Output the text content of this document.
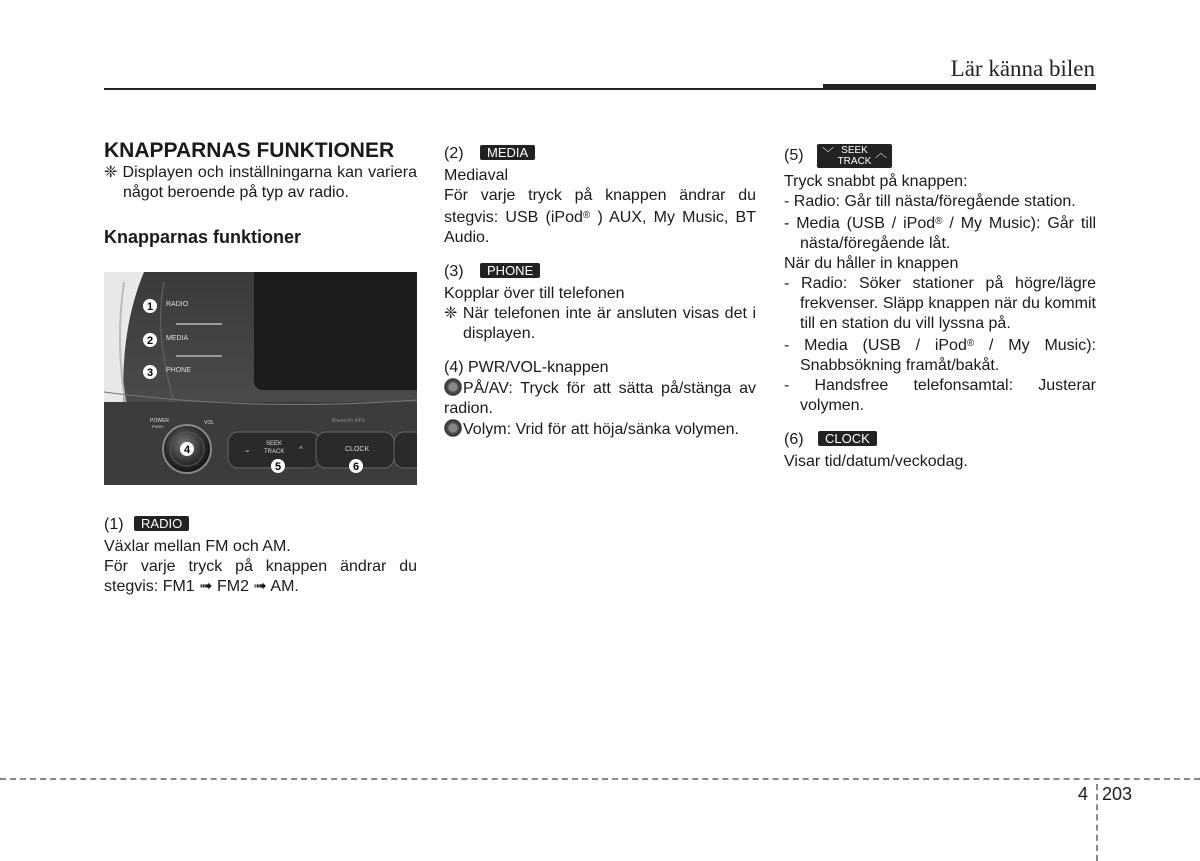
Lär känna bilen

KNAPPARNAS FUNKTIONER

❈ Displayen och inställningarna kan variera något beroende på typ av radio.

Knapparnas funktioner

⌄	^
RADIO
MEDIA
PHONE
POWER
PUSH
VOL
SEEK
TRACK	CLOCK
Bluetooth MP3
1
2
3
4
5	6

(1) RADIO

Växlar mellan FM och AM.

För varje tryck på knappen ändrar du stegvis: FM1 ➟ FM2 ➟ AM.

(2) MEDIA

Mediaval

För varje tryck på knappen ändrar du stegvis: USB (iPod® ) AUX, My Music, BT Audio.

(3) PHONE

Kopplar över till telefonen

❈ När telefonen inte är ansluten visas det i displayen.

(4) PWR/VOL-knappen

PÅ/AV: Tryck för att sätta på/stänga av radion.

Volym: Vrid för att höja/sänka volymen.

(5) ﹀ SEEK
TRACK
︿

Tryck snabbt på knappen:

- Radio: Går till nästa/föregående station.

- Media (USB / iPod® / My Music): Går till nästa/föregående låt.

När du håller in knappen

- Radio: Söker stationer på högre/lägre frekvenser. Släpp knappen när du kommit till en station du vill lyssna på.

- Media (USB / iPod® / My Music): Snabbsökning framåt/bakåt.

- Handsfree telefonsamtal: Justerar volymen.

(6) CLOCK

Visar tid/datum/veckodag.

4 203
